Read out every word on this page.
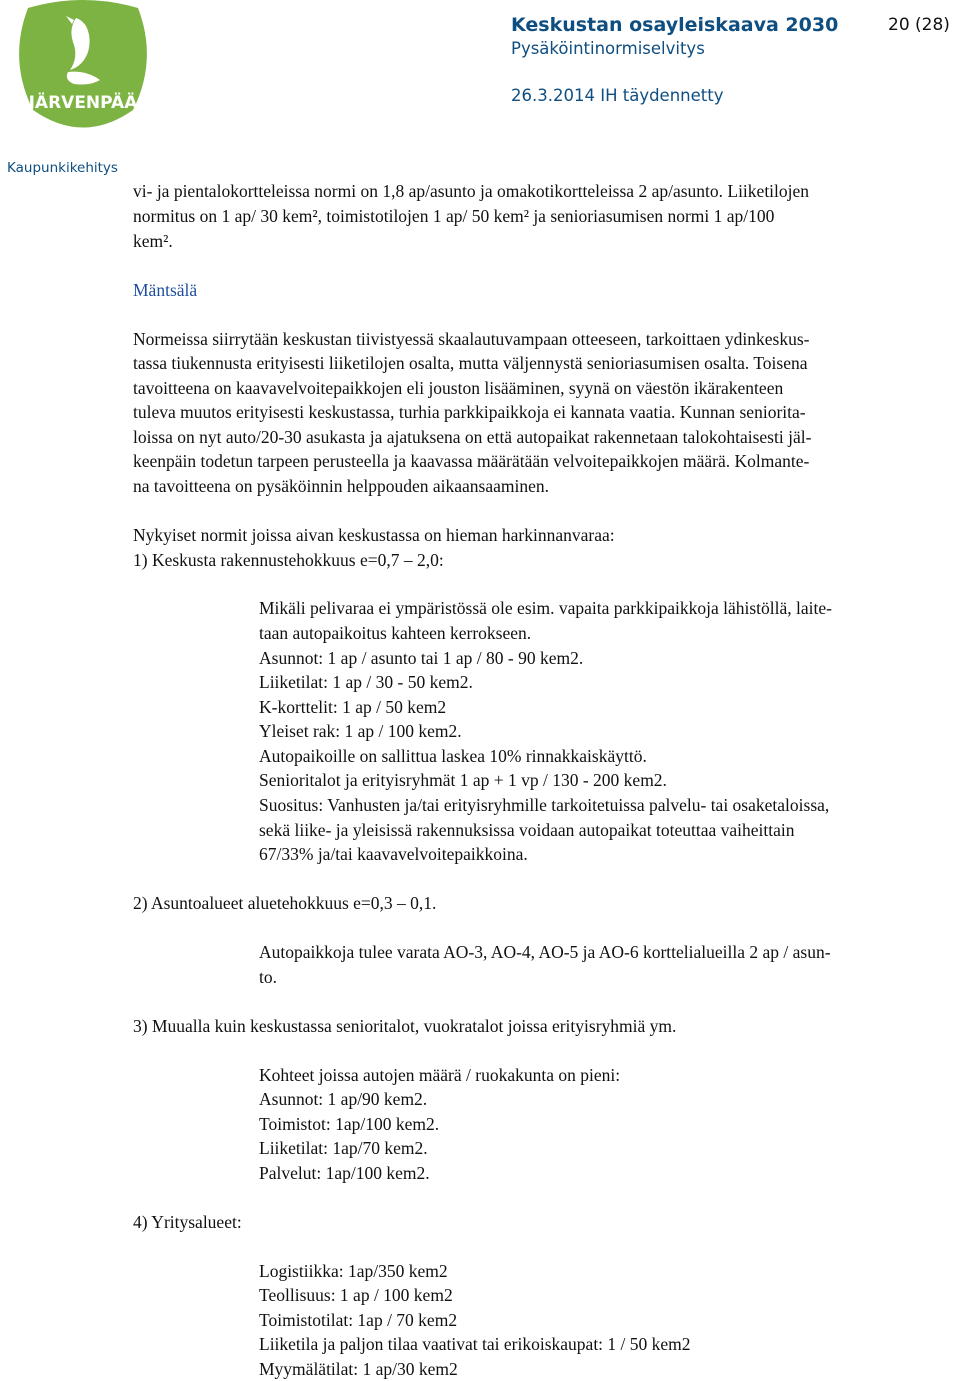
JÄRVENPÄÄ
Keskustan osayleiskaava 2030	20 (28)
Pysäköintinormiselvitys
26.3.2014 IH täydennetty
Kaupunkikehitys
vi- ja pientalokortteleissa normi on 1,8 ap/asunto ja omakotikortteleissa 2 ap/asunto. Liiketilojen
normitus on 1 ap/ 30 kem², toimistotilojen 1 ap/ 50 kem² ja senioriasumisen normi 1 ap/100
kem².
Mäntsälä
Normeissa siirrytään keskustan tiivistyessä skaalautuvampaan otteeseen, tarkoittaen ydinkeskus-
tassa tiukennusta erityisesti liiketilojen osalta, mutta väljennystä senioriasumisen osalta. Toisena
tavoitteena on kaavavelvoitepaikkojen eli jouston lisääminen, syynä on väestön ikärakenteen
tuleva muutos erityisesti keskustassa, turhia parkkipaikkoja ei kannata vaatia. Kunnan seniorita-
loissa on nyt auto/20-30 asukasta ja ajatuksena on että autopaikat rakennetaan talokohtaisesti jäl-
keenpäin todetun tarpeen perusteella ja kaavassa määrätään velvoitepaikkojen määrä. Kolmante-
na tavoitteena on pysäköinnin helppouden aikaansaaminen.
Nykyiset normit joissa aivan keskustassa on hieman harkinnanvaraa:
1) Keskusta rakennustehokkuus e=0,7 – 2,0:
Mikäli pelivaraa ei ympäristössä ole esim. vapaita parkkipaikkoja lähistöllä, laite-
taan autopaikoitus kahteen kerrokseen.
Asunnot: 1 ap / asunto tai 1 ap / 80 - 90 kem2.
Liiketilat: 1 ap / 30 - 50 kem2.
K-korttelit: 1 ap / 50 kem2
Yleiset rak: 1 ap / 100 kem2.
Autopaikoille on sallittua laskea 10% rinnakkaiskäyttö.
Senioritalot ja erityisryhmät 1 ap + 1 vp / 130 - 200 kem2.
Suositus: Vanhusten ja/tai erityisryhmille tarkoitetuissa palvelu- tai osaketaloissa,
sekä liike- ja yleisissä rakennuksissa voidaan autopaikat toteuttaa vaiheittain
67/33% ja/tai kaavavelvoitepaikkoina.
2) Asuntoalueet aluetehokkuus e=0,3 – 0,1.
Autopaikkoja tulee varata AO-3, AO-4, AO-5 ja AO-6 korttelialueilla 2 ap / asun-
to.
3) Muualla kuin keskustassa senioritalot, vuokratalot joissa erityisryhmiä ym.
Kohteet joissa autojen määrä / ruokakunta on pieni:
Asunnot: 1 ap/90 kem2.
Toimistot: 1ap/100 kem2.
Liiketilat: 1ap/70 kem2.
Palvelut: 1ap/100 kem2.
4) Yritysalueet:
Logistiikka: 1ap/350 kem2
Teollisuus: 1 ap / 100 kem2
Toimistotilat: 1ap / 70 kem2
Liiketila ja paljon tilaa vaativat tai erikoiskaupat: 1 / 50 kem2
Myymälätilat: 1 ap/30 kem2
